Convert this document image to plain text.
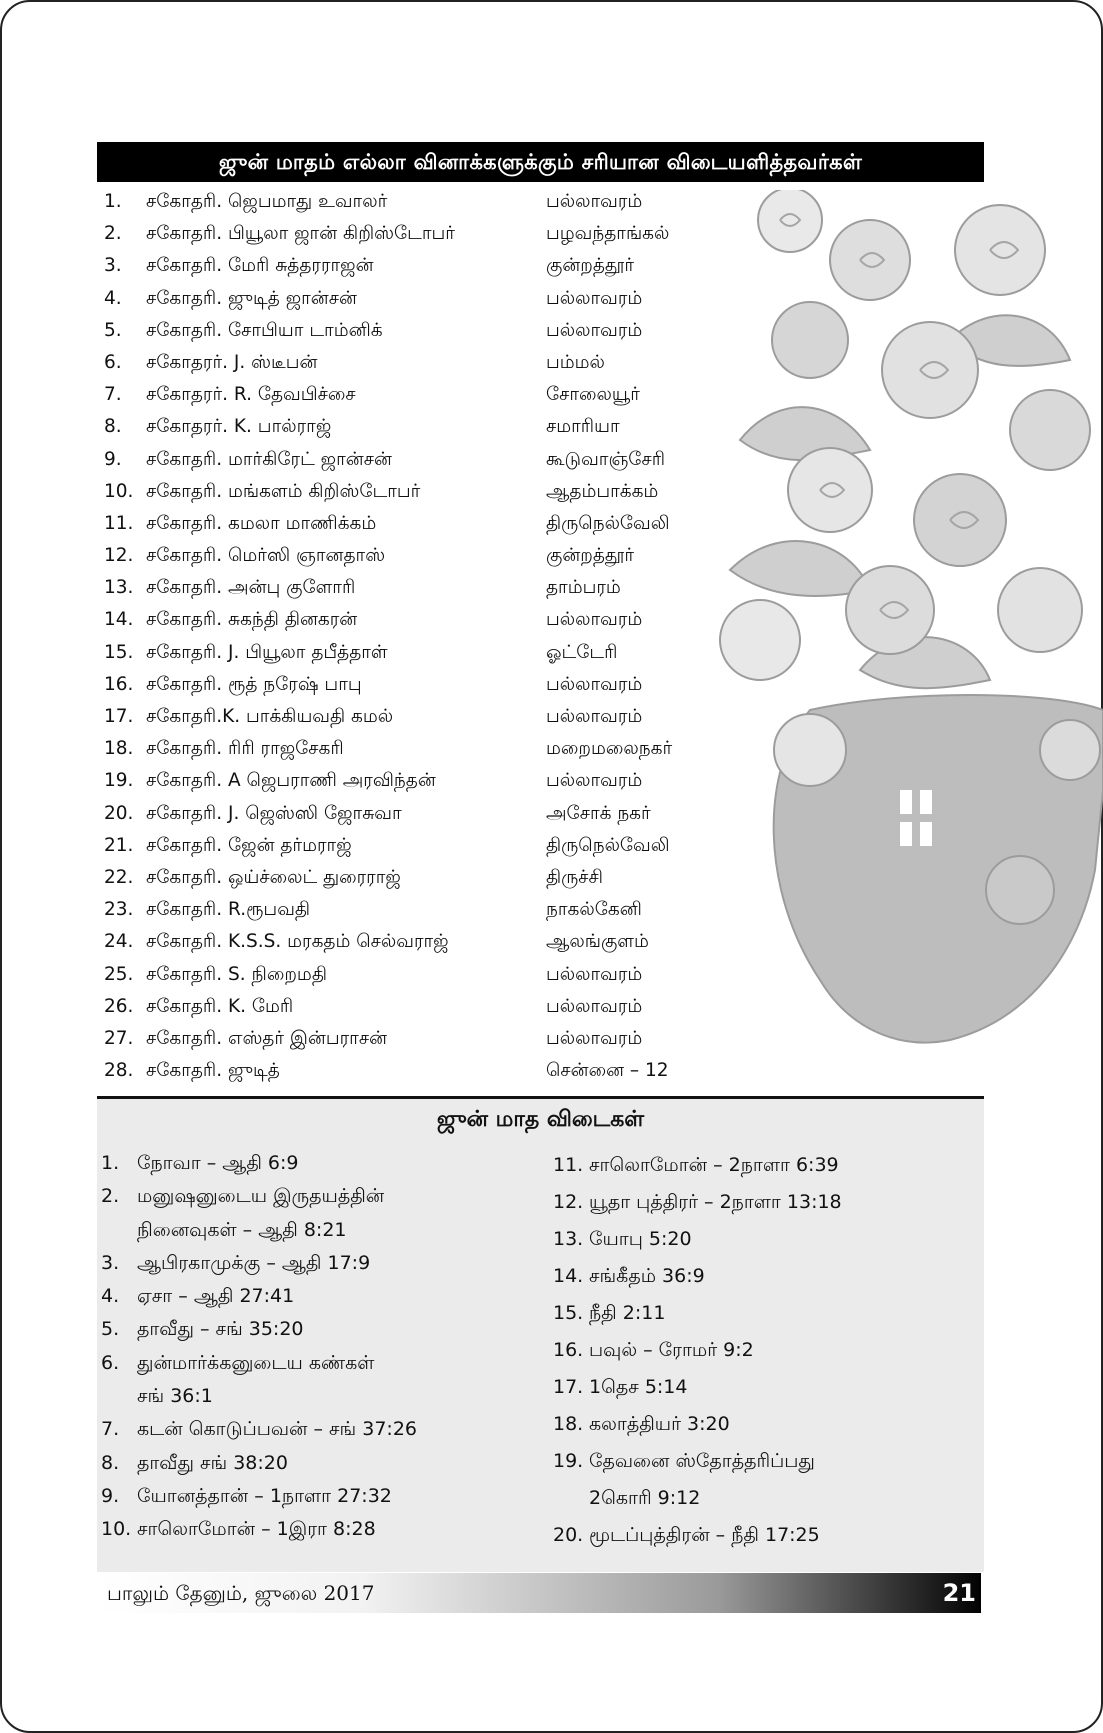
ஜுன் மாதம் எல்லா வினாக்களுக்கும் சரியான விடையளித்தவர்கள்
1. சகோதரி. ஜெபமாது உவாலர்	பல்லாவரம்
2. சகோதரி. பியூலா ஜான் கிறிஸ்டோபர்	பழவந்தாங்கல்
3. சகோதரி. மேரி சுத்தரராஜன்	குன்றத்தூர்
4. சகோதரி. ஜுடித் ஜான்சன்	பல்லாவரம்
5. சகோதரி. சோபியா டாம்னிக்	பல்லாவரம்
6. சகோதரர். J. ஸ்டீபன்	பம்மல்
7. சகோதரர். R. தேவபிச்சை	சோலையூர்
8. சகோதரர். K. பால்ராஜ்	சமாரியா
9. சகோதரி. மார்கிரேட் ஜான்சன்	கூடுவாஞ்சேரி
10. சகோதரி. மங்களம் கிறிஸ்டோபர்	ஆதம்பாக்கம்
11. சகோதரி. கமலா மாணிக்கம்	திருநெல்வேலி
12. சகோதரி. மெர்ஸி ஞானதாஸ்	குன்றத்தூர்
13. சகோதரி. அன்பு குளோரி	தாம்பரம்
14. சகோதரி. சுகந்தி தினகரன்	பல்லாவரம்
15. சகோதரி. J. பியூலா தபீத்தாள்	ஓட்டேரி
16. சகோதரி. ரூத் நரேஷ் பாபு	பல்லாவரம்
17. சகோதரி.K. பாக்கியவதி கமல்	பல்லாவரம்
18. சகோதரி. ரிரி ராஜசேகரி	மறைமலைநகர்
19. சகோதரி. A ஜெபராணி அரவிந்தன்	பல்லாவரம்
20. சகோதரி. J. ஜெஸ்ஸி ஜோசுவா	அசோக் நகர்
21. சகோதரி. ஜேன் தர்மராஜ்	திருநெல்வேலி
22. சகோதரி. ஒய்ச்லைட் துரைராஜ்	திருச்சி
23. சகோதரி. R.ரூபவதி	நாகல்கேனி
24. சகோதரி. K.S.S. மரகதம் செல்வராஜ்	ஆலங்குளம்
25. சகோதரி. S. நிறைமதி	பல்லாவரம்
26. சகோதரி. K. மேரி	பல்லாவரம்
27. சகோதரி. எஸ்தர் இன்பராசன்	பல்லாவரம்
28. சகோதரி. ஜுடித்	சென்னை – 12
ஜுன் மாத விடைகள்
1. நோவா – ஆதி 6:9
2. மனுஷனுடைய இருதயத்தின்
நினைவுகள் – ஆதி 8:21
3. ஆபிரகாமுக்கு – ஆதி 17:9
4. ஏசா – ஆதி 27:41
5. தாவீது – சங் 35:20
6. துன்மார்க்கனுடைய கண்கள்
சங் 36:1
7. கடன் கொடுப்பவன் – சங் 37:26
8. தாவீது சங் 38:20
9. யோனத்தான் – 1நாளா 27:32
10. சாலொமோன் – 1இரா 8:28
11. சாலொமோன் – 2நாளா 6:39
12. யூதா புத்திரர் – 2நாளா 13:18
13. யோபு 5:20
14. சங்கீதம் 36:9
15. நீதி 2:11
16. பவுல் – ரோமர் 9:2
17. 1தெச 5:14
18. கலாத்தியர் 3:20
19. தேவனை ஸ்தோத்தரிப்பது
2கொரி 9:12
20. மூடப்புத்திரன் – நீதி 17:25
பாலும் தேனும், ஜுலை 2017	21
